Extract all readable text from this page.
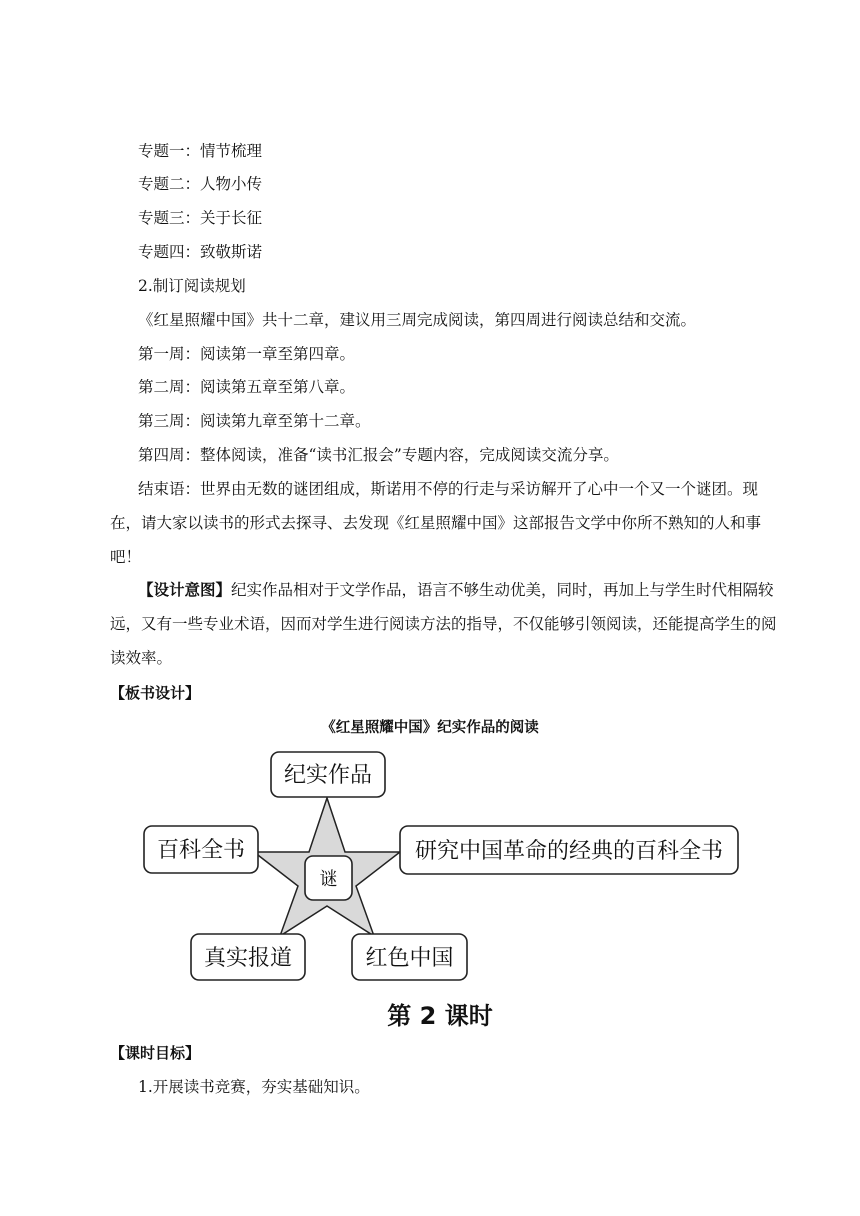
专题一：情节梳理
专题二：人物小传
专题三：关于长征
专题四：致敬斯诺
2.制订阅读规划
《红星照耀中国》共十二章，建议用三周完成阅读，第四周进行阅读总结和交流。
第一周：阅读第一章至第四章。
第二周：阅读第五章至第八章。
第三周：阅读第九章至第十二章。
第四周：整体阅读，准备“读书汇报会”专题内容，完成阅读交流分享。
结束语：世界由无数的谜团组成，斯诺用不停的行走与采访解开了心中一个又一个谜团。现在，请大家以读书的形式去探寻、去发现《红星照耀中国》这部报告文学中你所不熟知的人和事吧！
【设计意图】纪实作品相对于文学作品，语言不够生动优美，同时，再加上与学生时代相隔较远，又有一些专业术语，因而对学生进行阅读方法的指导，不仅能够引领阅读，还能提高学生的阅读效率。
【板书设计】
《红星照耀中国》纪实作品的阅读
谜
纪实作品
百科全书	研究中国革命的经典的百科全书
真实报道	红色中国
第 2 课时
【课时目标】
1.开展读书竞赛，夯实基础知识。
